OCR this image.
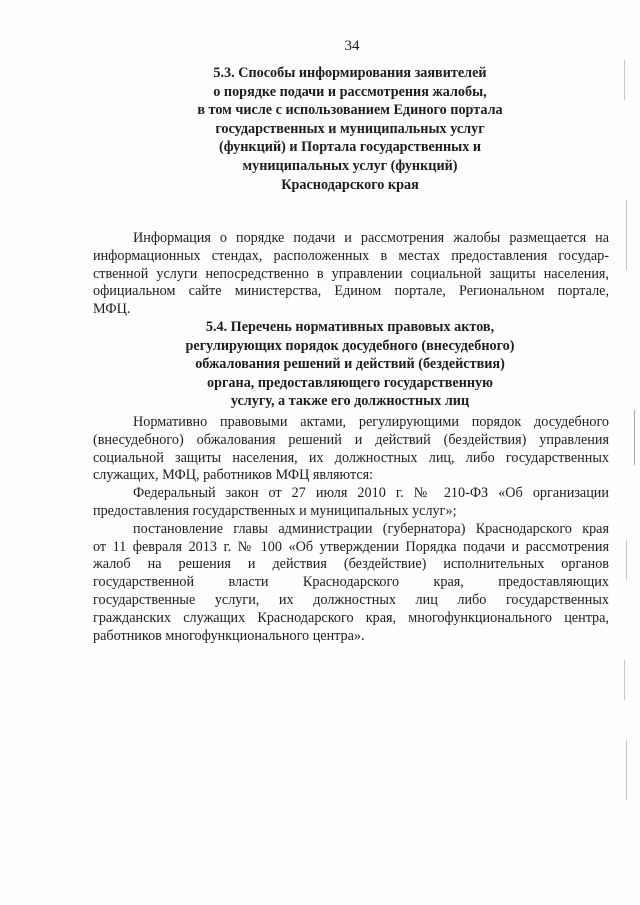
34
5.3. Способы информирования заявителей
о порядке подачи и рассмотрения жалобы,
в том числе с использованием Единого портала
государственных и муниципальных услуг
(функций) и Портала государственных и
муниципальных услуг (функций)
Краснодарского края
Информация о порядке подачи и рассмотрения жалобы размещается на
информационных стендах, расположенных в местах предоставления государ-
ственной услуги непосредственно в управлении социальной защиты населения,
официальном сайте министерства, Едином портале, Региональном портале,
МФЦ.
5.4. Перечень нормативных правовых актов,
регулирующих порядок досудебного (внесудебного)
обжалования решений и действий (бездействия)
органа, предоставляющего государственную
услугу, а также его должностных лиц
Нормативно правовыми актами, регулирующими порядок досудебного
(внесудебного) обжалования решений и действий (бездействия) управления
социальной защиты населения, их должностных лиц, либо государственных
служащих, МФЦ, работников МФЦ являются:
Федеральный закон от 27 июля 2010 г. № 210-ФЗ «Об организации
предоставления государственных и муниципальных услуг»;
постановление главы администрации (губернатора) Краснодарского края
от 11 февраля 2013 г. № 100 «Об утверждении Порядка подачи и рассмотрения
жалоб на решения и действия (бездействие) исполнительных органов
государственной власти Краснодарского края, предоставляющих
государственные услуги, их должностных лиц либо государственных
гражданских служащих Краснодарского края, многофункционального центра,
работников многофункционального центра».
